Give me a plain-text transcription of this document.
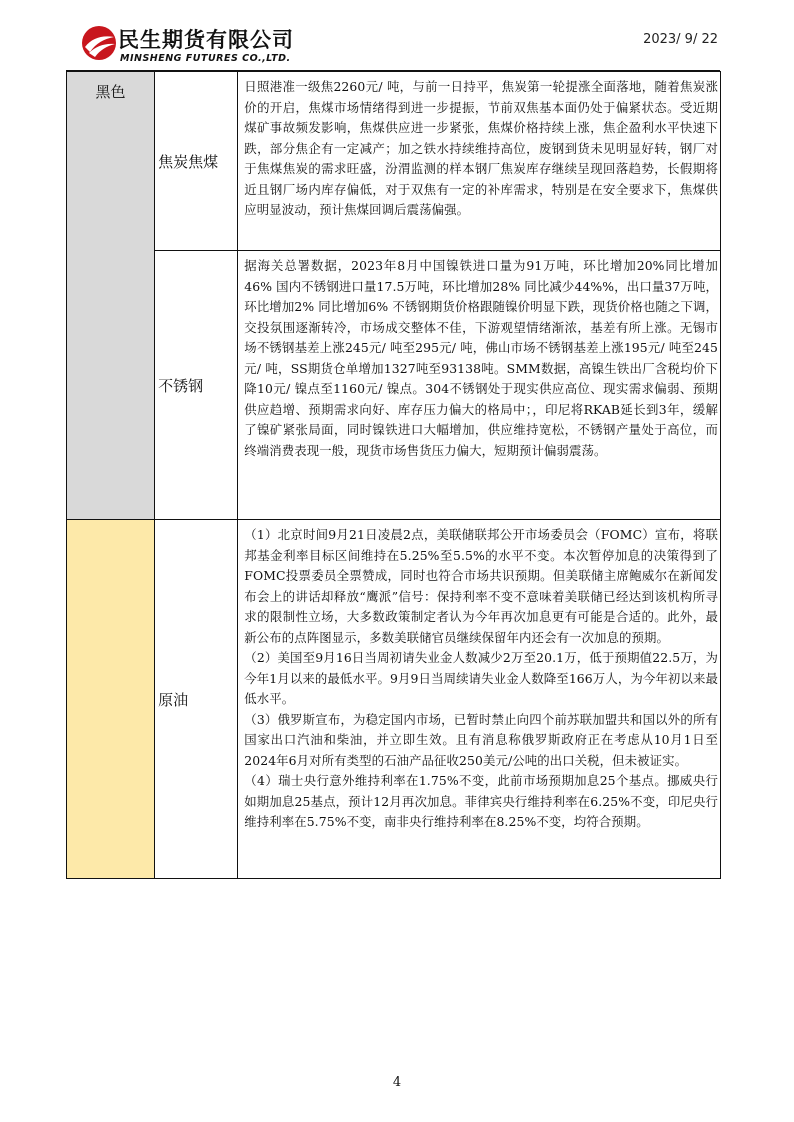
民生期货有限公司
MINSHENG FUTURES CO.,LTD.
2023/ 9/ 22
黑色	焦炭焦煤	日照港准一级焦2260元/ 吨，与前一日持平，焦炭第一轮提涨全面落地，随着焦炭涨价的开启，焦煤市场情绪得到进一步提振，节前双焦基本面仍处于偏紧状态。受近期煤矿事故频发影响，焦煤供应进一步紧张，焦煤价格持续上涨，焦企盈利水平快速下跌，部分焦企有一定减产；加之铁水持续维持高位，废钢到货未见明显好转，钢厂对于焦煤焦炭的需求旺盛，汾渭监测的样本钢厂焦炭库存继续呈现回落趋势，长假期将近且钢厂场内库存偏低，对于双焦有一定的补库需求，特别是在安全要求下，焦煤供应明显波动，预计焦煤回调后震荡偏强。

	不锈钢	据海关总署数据，2023年8月中国镍铁进口量为91万吨，环比增加20%同比增加46% 国内不锈钢进口量17.5万吨，环比增加28% 同比减少44%%，出口量37万吨，环比增加2% 同比增加6% 不锈钢期货价格跟随镍价明显下跌，现货价格也随之下调，交投氛围逐渐转冷，市场成交整体不佳，下游观望情绪渐浓，基差有所上涨。无锡市场不锈钢基差上涨245元/ 吨至295元/ 吨，佛山市场不锈钢基差上涨195元/ 吨至245元/ 吨，SS期货仓单增加1327吨至93138吨。SMM数据，高镍生铁出厂含税均价下降10元/ 镍点至1160元/ 镍点。304不锈钢处于现实供应高位、现实需求偏弱、预期供应趋增、预期需求向好、库存压力偏大的格局中；，印尼将RKAB延长到3年，缓解了镍矿紧张局面，同时镍铁进口大幅增加，供应维持宽松，不锈钢产量处于高位，而终端消费表现一般，现货市场售货压力偏大，短期预计偏弱震荡。

	原油	（1）北京时间9月21日凌晨2点，美联储联邦公开市场委员会（FOMC）宣布，将联邦基金利率目标区间维持在5.25%至5.5%的水平不变。本次暂停加息的决策得到了FOMC投票委员全票赞成，同时也符合市场共识预期。但美联储主席鲍威尔在新闻发布会上的讲话却释放“鹰派”信号：保持利率不变不意味着美联储已经达到该机构所寻求的限制性立场，大多数政策制定者认为今年再次加息更有可能是合适的。此外，最新公布的点阵图显示，多数美联储官员继续保留年内还会有一次加息的预期。

（2）美国至9月16日当周初请失业金人数减少2万至20.1万，低于预期值22.5万，为今年1月以来的最低水平。9月9日当周续请失业金人数降至166万人，为今年初以来最低水平。

（3）俄罗斯宣布，为稳定国内市场，已暂时禁止向四个前苏联加盟共和国以外的所有国家出口汽油和柴油，并立即生效。且有消息称俄罗斯政府正在考虑从10月1日至2024年6月对所有类型的石油产品征收250美元/公吨的出口关税，但未被证实。

（4）瑞士央行意外维持利率在1.75%不变，此前市场预期加息25个基点。挪威央行如期加息25基点，预计12月再次加息。菲律宾央行维持利率在6.25%不变，印尼央行维持利率在5.75%不变，南非央行维持利率在8.25%不变，均符合预期。

4
